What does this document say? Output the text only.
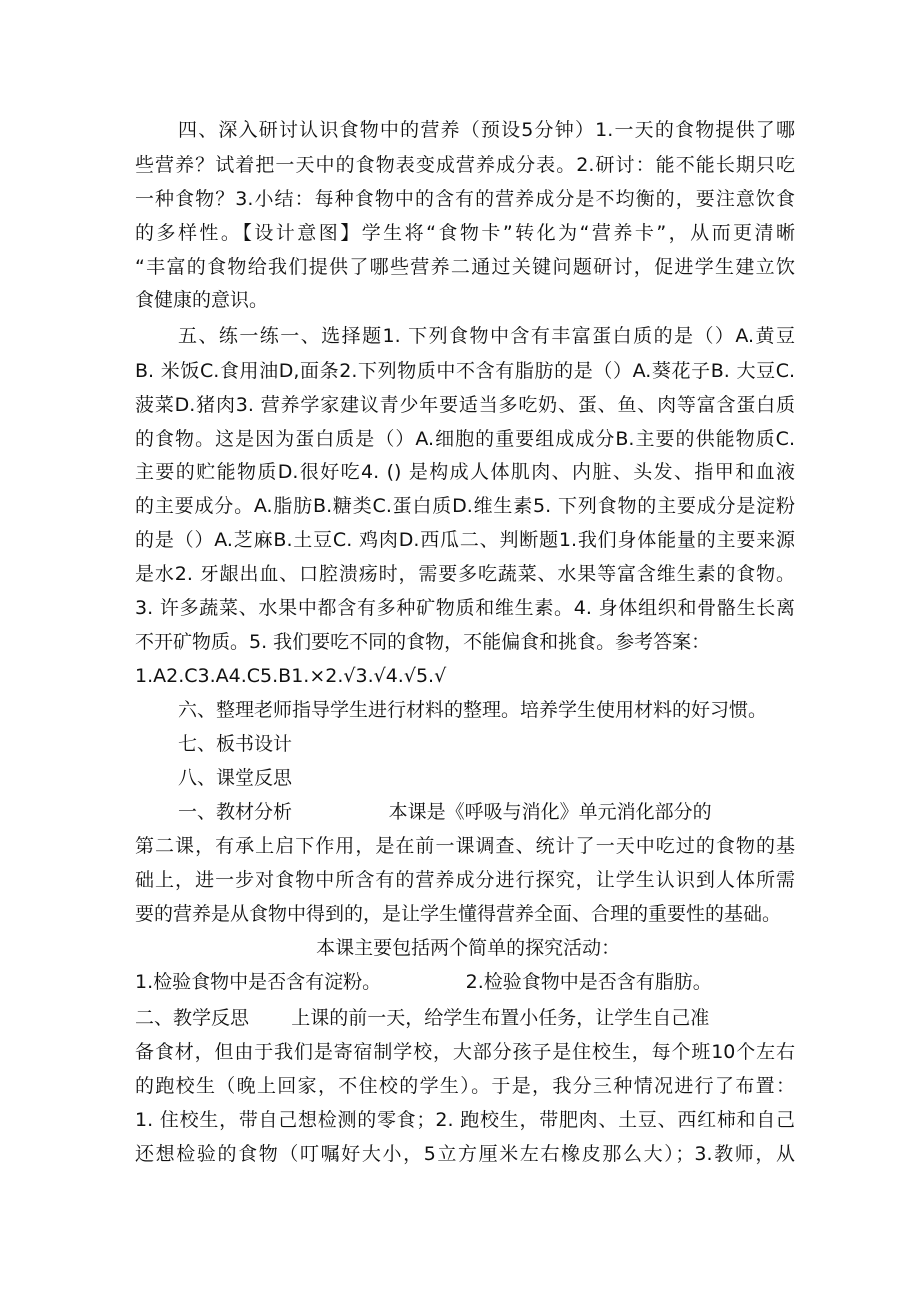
四、深入研讨认识食物中的营养（预设5分钟）1.一天的食物提供了哪
些营养？试着把一天中的食物表变成营养成分表。2.研讨：能不能长期只吃
一种食物？3.小结：每种食物中的含有的营养成分是不均衡的，要注意饮食
的多样性。【设计意图】学生将“食物卡”转化为“营养卡”，从而更清晰
“丰富的食物给我们提供了哪些营养二通过关键问题研讨，促进学生建立饮
食健康的意识。
五、练一练一、选择题1. 下列食物中含有丰富蛋白质的是（）A.黄豆
B. 米饭C.食用油D,面条2.下列物质中不含有脂肪的是（）A.葵花子B. 大豆C.
菠菜D.猪肉3. 营养学家建议青少年要适当多吃奶、蛋、鱼、肉等富含蛋白质
的食物。这是因为蛋白质是（）A.细胞的重要组成成分B.主要的供能物质C.
主要的贮能物质D.很好吃4. () 是构成人体肌肉、内脏、头发、指甲和血液
的主要成分。A.脂肪B.糖类C.蛋白质D.维生素5. 下列食物的主要成分是淀粉
的是（）A.芝麻B.土豆C. 鸡肉D.西瓜二、判断题1.我们身体能量的主要来源
是水2. 牙龈出血、口腔溃疡时，需要多吃蔬菜、水果等富含维生素的食物。
3. 许多蔬菜、水果中都含有多种矿物质和维生素。4. 身体组织和骨骼生长离
不开矿物质。5. 我们要吃不同的食物，不能偏食和挑食。参考答案：
1.A2.C3.A4.C5.B1.×2.√3.√4.√5.√
六、整理老师指导学生进行材料的整理。培养学生使用材料的好习惯。
七、板书设计
八、课堂反思
一、教材分析                本课是《呼吸与消化》单元消化部分的
第二课，有承上启下作用，是在前一课调查、统计了一天中吃过的食物的基
础上，进一步对食物中所含有的营养成分进行探究，让学生认识到人体所需
要的营养是从食物中得到的，是让学生懂得营养全面、合理的重要性的基础。
本课主要包括两个简单的探究活动：
1.检验食物中是否含有淀粉。              2.检验食物中是否含有脂肪。
二、教学反思       上课的前一天，给学生布置小任务，让学生自己准
备食材，但由于我们是寄宿制学校，大部分孩子是住校生，每个班10个左右
的跑校生（晚上回家，不住校的学生）。于是，我分三种情况进行了布置：
1. 住校生，带自己想检测的零食；2. 跑校生，带肥肉、土豆、西红柿和自己
还想检验的食物（叮嘱好大小，5立方厘米左右橡皮那么大）；3.教师，从
